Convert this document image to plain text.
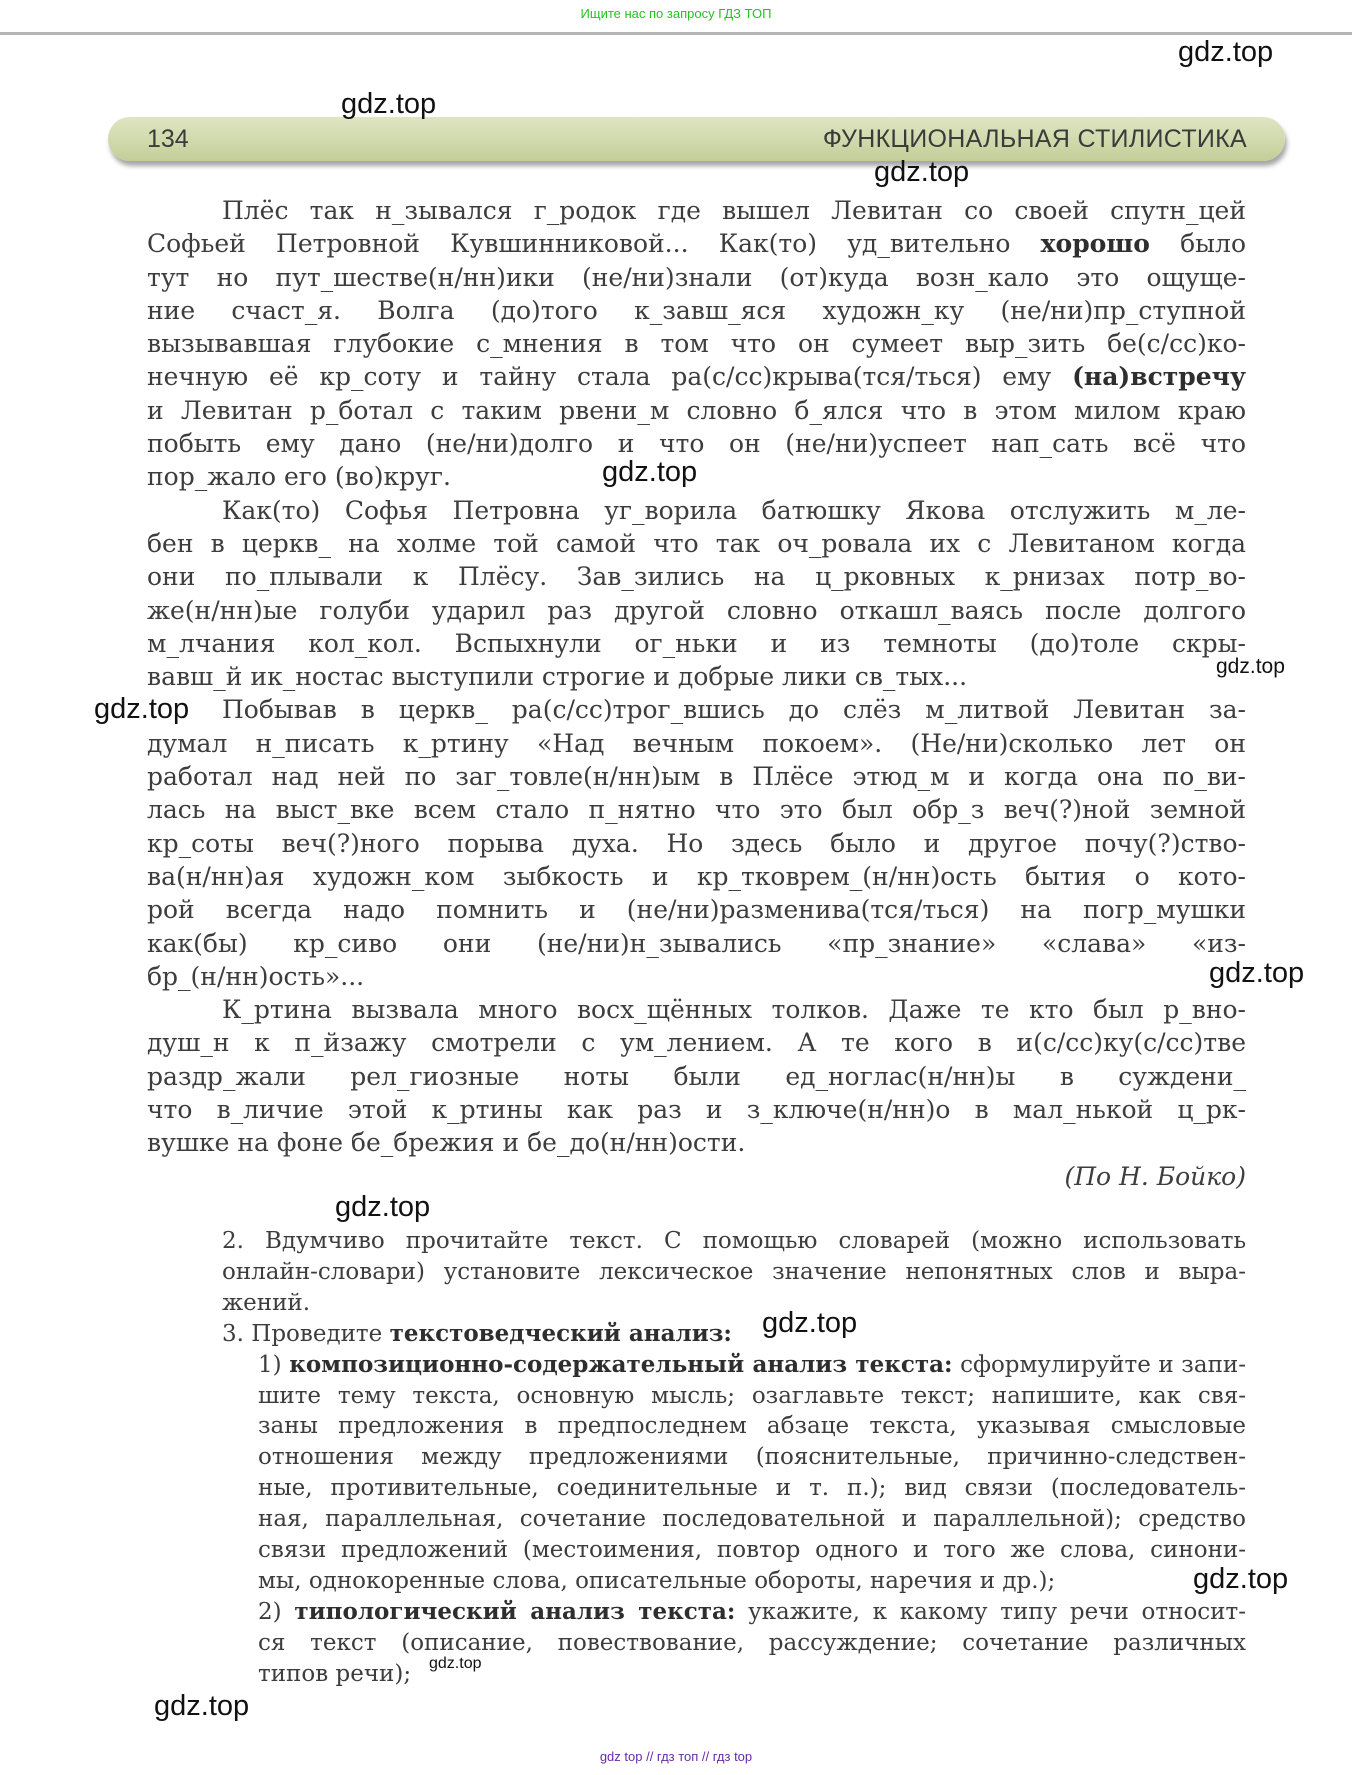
Ищите нас по запросу ГДЗ ТОП
134	ФУНКЦИОНАЛЬНАЯ СТИЛИСТИКА
Плёс так н_зывался г_родок где вышел Левитан со своей спутн_цей
Софьей Петровной Кувшинниковой... Как(то) уд_вительно хорошо было
тут но пут_шестве(н/нн)ики (не/ни)знали (от)куда возн_кало это ощуще-
ние счаст_я. Волга (до)того к_завш_яся художн_ку (не/ни)пр_ступной
вызывавшая глубокие с_мнения в том что он сумеет выр_зить бе(с/сс)ко-
нечную её кр_соту и тайну стала ра(с/сс)крыва(тся/ться) ему (на)встречу
и Левитан р_ботал с таким рвени_м словно б_ялся что в этом милом краю
побыть ему дано (не/ни)долго и что он (не/ни)успеет нап_сать всё что
пор_жало его (во)круг.
Как(то) Софья Петровна уг_ворила батюшку Якова отслужить м_ле-
бен в церкв_ на холме той самой что так оч_ровала их с Левитаном когда
они по_плывали к Плёсу. Зав_зились на ц_рковных к_рнизах потр_во-
же(н/нн)ые голуби ударил раз другой словно откашл_ваясь после долгого
м_лчания кол_кол. Вспыхнули ог_ньки и из темноты (до)толе скры-
вавш_й ик_ностас выступили строгие и добрые лики св_тых...
Побывав в церкв_ ра(с/сс)трог_вшись до слёз м_литвой Левитан за-
думал н_писать к_ртину «Над вечным покоем». (Не/ни)сколько лет он
работал над ней по заг_товле(н/нн)ым в Плёсе этюд_м и когда она по_ви-
лась на выст_вке всем стало п_нятно что это был обр_з веч(?)ной земной
кр_соты веч(?)ного порыва духа. Но здесь было и другое почу(?)ство-
ва(н/нн)ая художн_ком зыбкость и кр_тковрем_(н/нн)ость бытия о кото-
рой всегда надо помнить и (не/ни)разменива(тся/ться) на погр_мушки
как(бы) кр_сиво они (не/ни)н_зывались «пр_знание» «слава» «из-
бр_(н/нн)ость»...
К_ртина вызвала много восх_щённых толков. Даже те кто был р_вно-
душ_н к п_йзажу смотрели с ум_лением. А те кого в и(с/сс)ку(с/сс)тве
раздр_жали рел_гиозные ноты были ед_ноглас(н/нн)ы в суждени_
что в_личие этой к_ртины как раз и з_ключе(н/нн)о в мал_нькой ц_рк-
вушке на фоне бе_брежия и бе_до(н/нн)ости.
(По Н. Бойко)
2. Вдумчиво прочитайте текст. С помощью словарей (можно использовать
онлайн-словари) установите лексическое значение непонятных слов и выра-
жений.
3. Проведите текстоведческий анализ:
1) композиционно-содержательный анализ текста: сформулируйте и запи-
шите тему текста, основную мысль; озаглавьте текст; напишите, как свя-
заны предложения в предпоследнем абзаце текста, указывая смысловые
отношения между предложениями (пояснительные, причинно-следствен-
ные, противительные, соединительные и т. п.); вид связи (последователь-
ная, параллельная, сочетание последовательной и параллельной); средство
связи предложений (местоимения, повтор одного и того же слова, синони-
мы, однокоренные слова, описательные обороты, наречия и др.);
2) типологический анализ текста: укажите, к какому типу речи относит-
ся текст (описание, повествование, рассуждение; сочетание различных
типов речи);
gdz.top
gdz.top
gdz.top
gdz.top
gdz.top
gdz.top
gdz.top
gdz.top
gdz.top
gdz.top
gdz.top
gdz.top
gdz top // гдз топ // гдз top
